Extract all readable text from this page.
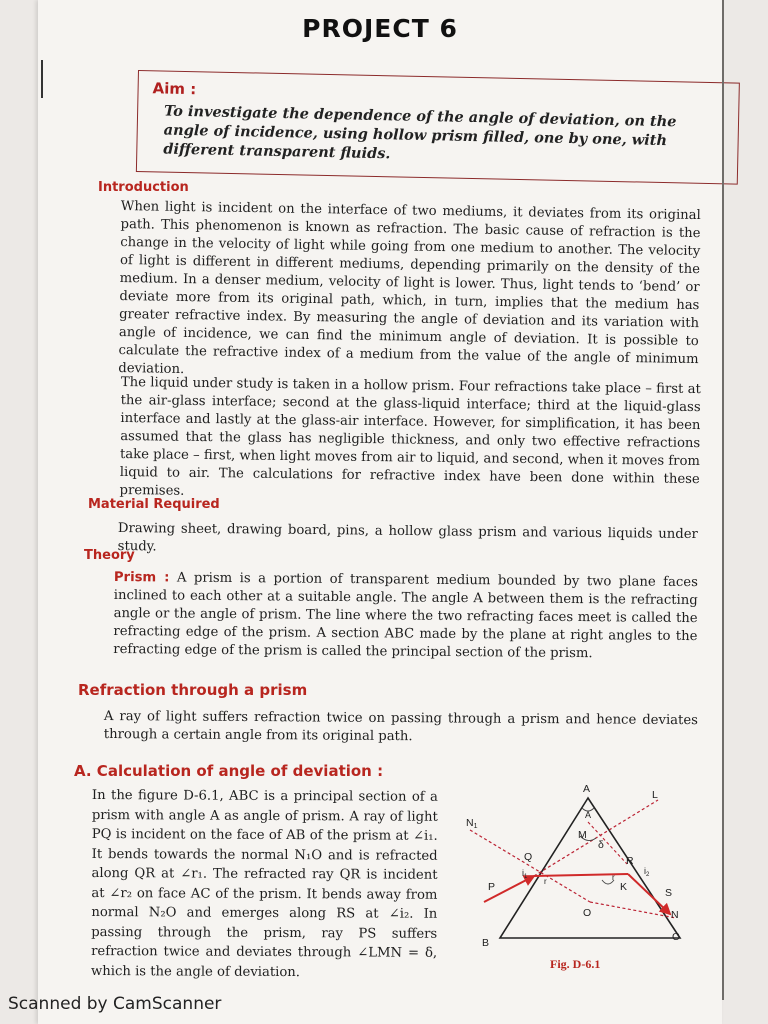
PROJECT 6
Aim :
To investigate the dependence of the angle of deviation, on the angle of incidence, using hollow prism filled, one by one, with different transparent fluids.
Introduction
When light is incident on the interface of two mediums, it deviates from its original path. This phenomenon is known as refraction. The basic cause of refraction is the change in the velocity of light while going from one medium to another. The velocity of light is different in different mediums, depending primarily on the density of the medium. In a denser medium, velocity of light is lower. Thus, light tends to ‘bend’ or deviate more from its original path, which, in turn, implies that the medium has greater refractive index. By measuring the angle of deviation and its variation with angle of incidence, we can find the minimum angle of deviation. It is possible to calculate the refractive index of a medium from the value of the angle of minimum deviation.
The liquid under study is taken in a hollow prism. Four refractions take place – first at the air-glass interface; second at the glass-liquid interface; third at the liquid-glass interface and lastly at the glass-air interface. However, for simplification, it has been assumed that the glass has negligible thickness, and only two effective refractions take place – first, when light moves from air to liquid, and second, when it moves from liquid to air. The calculations for refractive index have been done within these premises.
Material Required
Drawing sheet, drawing board, pins, a hollow glass prism and various liquids under study.
Theory
Prism : A prism is a portion of transparent medium bounded by two plane faces inclined to each other at a suitable angle. The angle A between them is the refracting angle or the angle of prism. The line where the two refracting faces meet is called the refracting edge of the prism. A section ABC made by the plane at right angles to the refracting edge of the prism is called the principal section of the prism.
Refraction through a prism
A ray of light suffers refraction twice on passing through a prism and hence deviates through a certain angle from its original path.
A. Calculation of angle of deviation :
In the figure D-6.1, ABC is a principal section of a prism with angle A as angle of prism. A ray of light PQ is incident on the face of AB of the prism at ∠i₁. It bends towards the normal N₁O and is refracted along QR at ∠r₁. The refracted ray QR is incident at ∠r₂ on face AC of the prism. It bends away from normal N₂O and emerges along RS at ∠i₂. In passing through the prism, ray PS suffers refraction twice and deviates through ∠LMN = δ, which is the angle of deviation.
A	L
N1
A
M
δ
Q	R
$i_1$ r	r
$i_2$
P	K	S
O	N
B	C
Fig. D-6.1
Scanned by CamScanner
